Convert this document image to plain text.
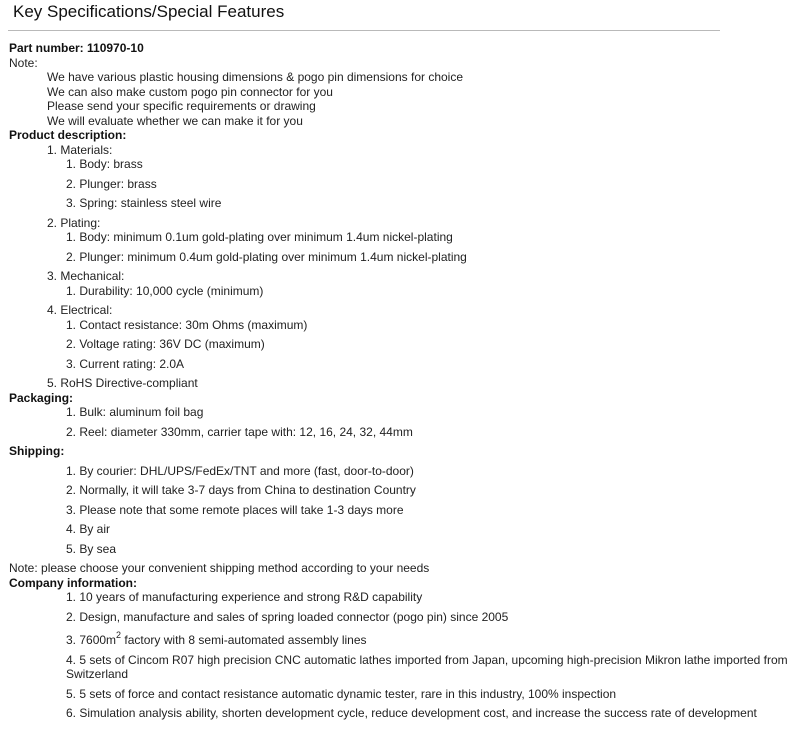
Key Specifications/Special Features
Part number: 110970-10
Note:
We have various plastic housing dimensions & pogo pin dimensions for choice
We can also make custom pogo pin connector for you
Please send your specific requirements or drawing
We will evaluate whether we can make it for you
Product description:
1. Materials:
1. Body: brass
2. Plunger: brass
3. Spring: stainless steel wire
2. Plating:
1. Body: minimum 0.1um gold-plating over minimum 1.4um nickel-plating
2. Plunger: minimum 0.4um gold-plating over minimum 1.4um nickel-plating
3. Mechanical:
1. Durability: 10,000 cycle (minimum)
4. Electrical:
1. Contact resistance: 30m Ohms (maximum)
2. Voltage rating: 36V DC (maximum)
3. Current rating: 2.0A
5. RoHS Directive-compliant
Packaging:
1. Bulk: aluminum foil bag
2. Reel: diameter 330mm, carrier tape with: 12, 16, 24, 32, 44mm
Shipping:
1. By courier: DHL/UPS/FedEx/TNT and more (fast, door-to-door)
2. Normally, it will take 3-7 days from China to destination Country
3. Please note that some remote places will take 1-3 days more
4. By air
5. By sea
Note: please choose your convenient shipping method according to your needs
Company information:
1. 10 years of manufacturing experience and strong R&D capability
2. Design, manufacture and sales of spring loaded connector (pogo pin) since 2005
3. $7600m^2$ factory with 8 semi-automated assembly lines
4. 5 sets of Cincom R07 high precision CNC automatic lathes imported from Japan, upcoming high-precision Mikron lathe imported from Switzerland
5. 5 sets of force and contact resistance automatic dynamic tester, rare in this industry, 100% inspection
6. Simulation analysis ability, shorten development cycle, reduce development cost, and increase the success rate of development
